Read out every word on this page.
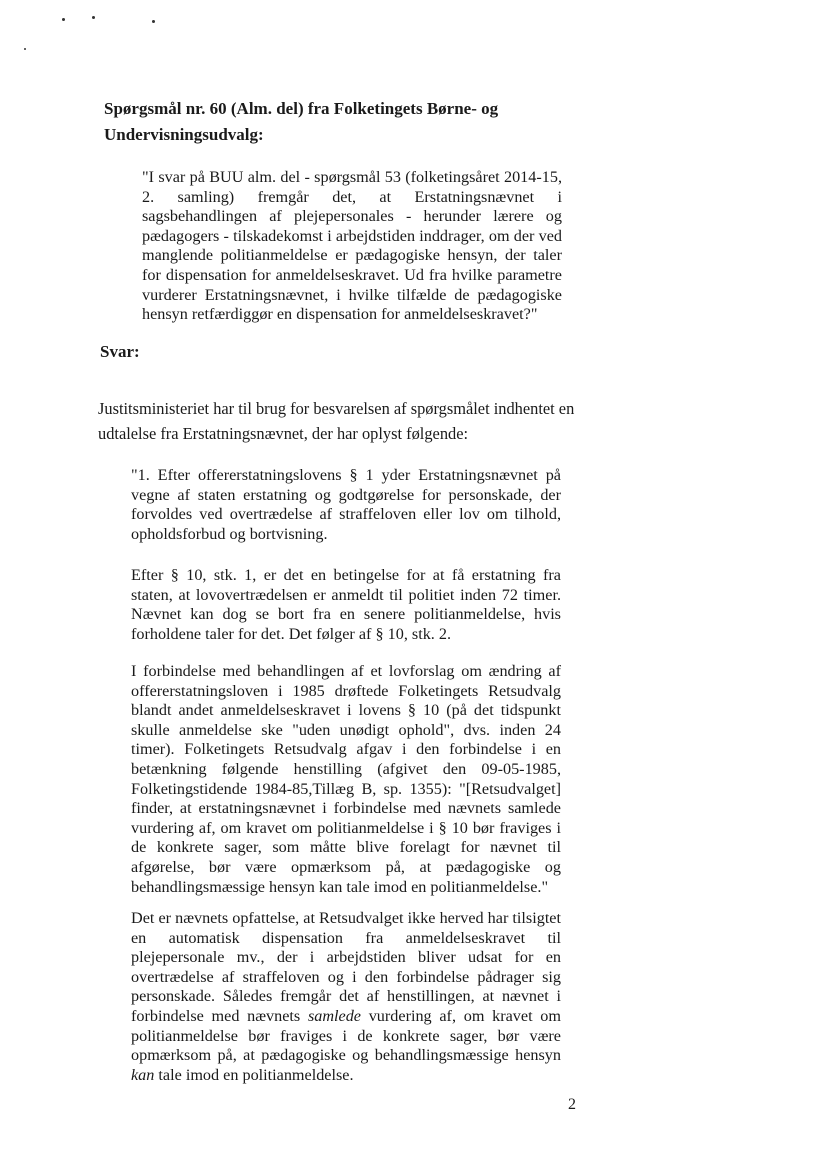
Spørgsmål nr. 60 (Alm. del) fra Folketingets Børne- og Undervisningsudvalg:
"I svar på BUU alm. del - spørgsmål 53 (folketingsåret 2014-15, 2. samling) fremgår det, at Erstatningsnævnet i sagsbehandlingen af plejepersonales - herunder lærere og pædagogers - tilskadekomst i arbejdstiden inddrager, om der ved manglende politianmeldelse er pædagogiske hensyn, der taler for dispensation for anmeldelseskravet. Ud fra hvilke parametre vurderer Erstatningsnævnet, i hvilke tilfælde de pædagogiske hensyn retfærdiggør en dispensation for anmeldelseskravet?"
Svar:
Justitsministeriet har til brug for besvarelsen af spørgsmålet indhentet en udtalelse fra Erstatningsnævnet, der har oplyst følgende:

"1. Efter offererstatningslovens § 1 yder Erstatningsnævnet på vegne af staten erstatning og godtgørelse for personskade, der forvoldes ved overtrædelse af straffeloven eller lov om tilhold, opholdsforbud og bortvisning.

Efter § 10, stk. 1, er det en betingelse for at få erstatning fra staten, at lovovertrædelsen er anmeldt til politiet inden 72 timer. Nævnet kan dog se bort fra en senere politianmeldelse, hvis forholdene taler for det. Det følger af § 10, stk. 2.

I forbindelse med behandlingen af et lovforslag om ændring af offererstatningsloven i 1985 drøftede Folketingets Retsudvalg blandt andet anmeldelseskravet i lovens § 10 (på det tidspunkt skulle anmeldelse ske "uden unødigt ophold", dvs. inden 24 timer). Folketingets Retsudvalg afgav i den forbindelse i en betænkning følgende henstilling (afgivet den 09-05-1985, Folketingstidende 1984-85,Tillæg B, sp. 1355): "[Retsudvalget] finder, at erstatningsnævnet i forbindelse med nævnets samlede vurdering af, om kravet om politianmeldelse i § 10 bør fraviges i de konkrete sager, som måtte blive forelagt for nævnet til afgørelse, bør være opmærksom på, at pædagogiske og behandlingsmæssige hensyn kan tale imod en politianmeldelse."

Det er nævnets opfattelse, at Retsudvalget ikke herved har tilsigtet en automatisk dispensation fra anmeldelseskravet til plejepersonale mv., der i arbejdstiden bliver udsat for en overtrædelse af straffeloven og i den forbindelse pådrager sig personskade. Således fremgår det af henstillingen, at nævnet i forbindelse med nævnets samlede vurdering af, om kravet om politianmeldelse bør fraviges i de konkrete sager, bør være opmærksom på, at pædagogiske og behandlingsmæssige hensyn kan tale imod en politianmeldelse.

2
